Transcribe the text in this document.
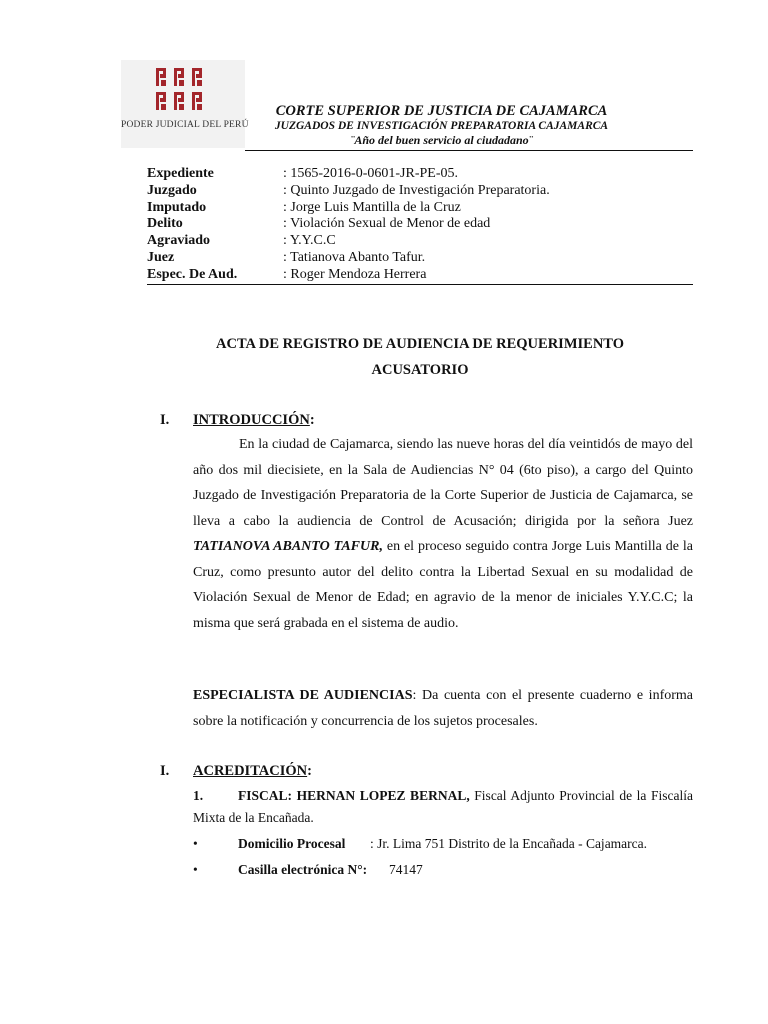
PODER JUDICIAL DEL PERÚ
CORTE SUPERIOR DE JUSTICIA DE CAJAMARCA
JUZGADOS DE INVESTIGACIÓN PREPARATORIA CAJAMARCA
¨Año del buen servicio al ciudadano¨
Expediente	: 1565-2016-0-0601-JR-PE-05.
Juzgado	: Quinto Juzgado de Investigación Preparatoria.
Imputado	: Jorge Luis Mantilla de la Cruz
Delito	: Violación Sexual de Menor de edad
Agraviado	: Y.Y.C.C
Juez	: Tatianova Abanto Tafur.
Espec. De Aud.	: Roger Mendoza Herrera
ACTA DE REGISTRO DE AUDIENCIA DE REQUERIMIENTO
ACUSATORIO
I. INTRODUCCIÓN:
En la ciudad de Cajamarca, siendo las nueve horas del día veintidós de mayo del año dos mil diecisiete, en la Sala de Audiencias N° 04 (6to piso), a cargo del Quinto Juzgado de Investigación Preparatoria de la Corte Superior de Justicia de Cajamarca, se lleva a cabo la audiencia de Control de Acusación; dirigida por la señora Juez TATIANOVA ABANTO TAFUR, en el proceso seguido contra Jorge Luis Mantilla de la Cruz, como presunto autor del delito contra la Libertad Sexual en su modalidad de Violación Sexual de Menor de Edad; en agravio de la menor de iniciales Y.Y.C.C; la misma que será grabada en el sistema de audio.
ESPECIALISTA DE AUDIENCIAS: Da cuenta con el presente cuaderno e informa sobre la notificación y concurrencia de los sujetos procesales.
I. ACREDITACIÓN:
1.	FISCAL: HERNAN LOPEZ BERNAL, Fiscal Adjunto Provincial de la Fiscalía Mixta de la Encañada.
•	Domicilio Procesal : Jr. Lima 751 Distrito de la Encañada - Cajamarca.
•	Casilla electrónica N°: 74147
